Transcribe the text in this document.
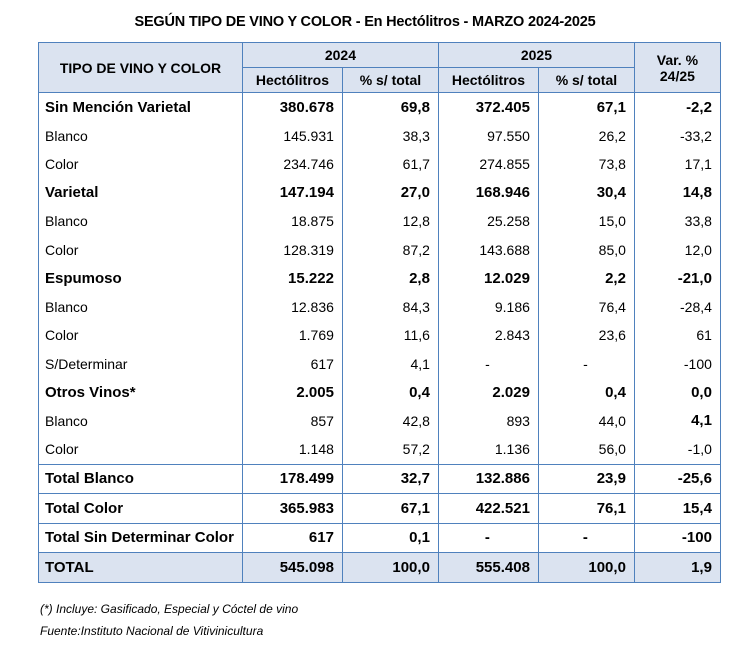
SEGÚN TIPO DE VINO Y COLOR - En Hectólitros - MARZO 2024-2025
TIPO DE VINO Y COLOR	2024		2025		Var. % 24/25
	Hectólitros	% s/ total	Hectólitros	% s/ total	
Sin Mención Varietal	380.678	69,8	372.405	67,1	-2,2
Blanco	145.931	38,3	97.550	26,2	-33,2
Color	234.746	61,7	274.855	73,8	17,1
Varietal	147.194	27,0	168.946	30,4	14,8
Blanco	18.875	12,8	25.258	15,0	33,8
Color	128.319	87,2	143.688	85,0	12,0
Espumoso	15.222	2,8	12.029	2,2	-21,0
Blanco	12.836	84,3	9.186	76,4	-28,4
Color	1.769	11,6	2.843	23,6	61
S/Determinar	617	4,1	-	-	-100
Otros Vinos*	2.005	0,4	2.029	0,4	0,0
Blanco	857	42,8	893	44,0	4,1
Color	1.148	57,2	1.136	56,0	-1,0
Total Blanco	178.499	32,7	132.886	23,9	-25,6
Total Color	365.983	67,1	422.521	76,1	15,4
Total Sin Determinar Color	617	0,1	-	-	-100
TOTAL	545.098	100,0	555.408	100,0	1,9
(*) Incluye: Gasificado, Especial y Cóctel de vino
Fuente:Instituto Nacional de Vitivinicultura
